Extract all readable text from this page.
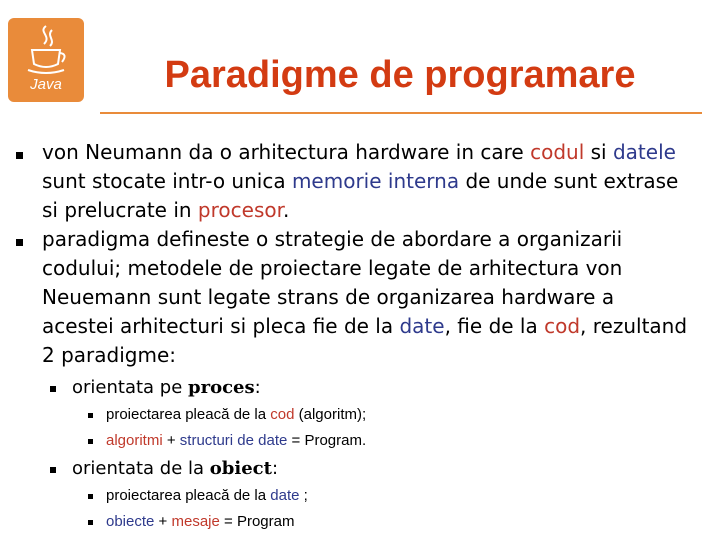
Java	Paradigme de programare

von Neumann da o arhitectura hardware in care codul si datele sunt stocate intr-o unica memorie interna de unde sunt extrase si prelucrate in procesor.

paradigma defineste o strategie de abordare a organizarii codului; metodele de proiectare legate de arhitectura von Neuemann sunt legate strans de organizarea hardware a acestei arhitecturi si pleca fie de la date, fie de la cod, rezultand 2 paradigme:

orientata pe proces:
proiectarea pleacă de la cod (algoritm);
algoritmi + structuri de date = Program.
orientata de la obiect:
proiectarea pleacă de la date ;
obiecte + mesaje = Program
